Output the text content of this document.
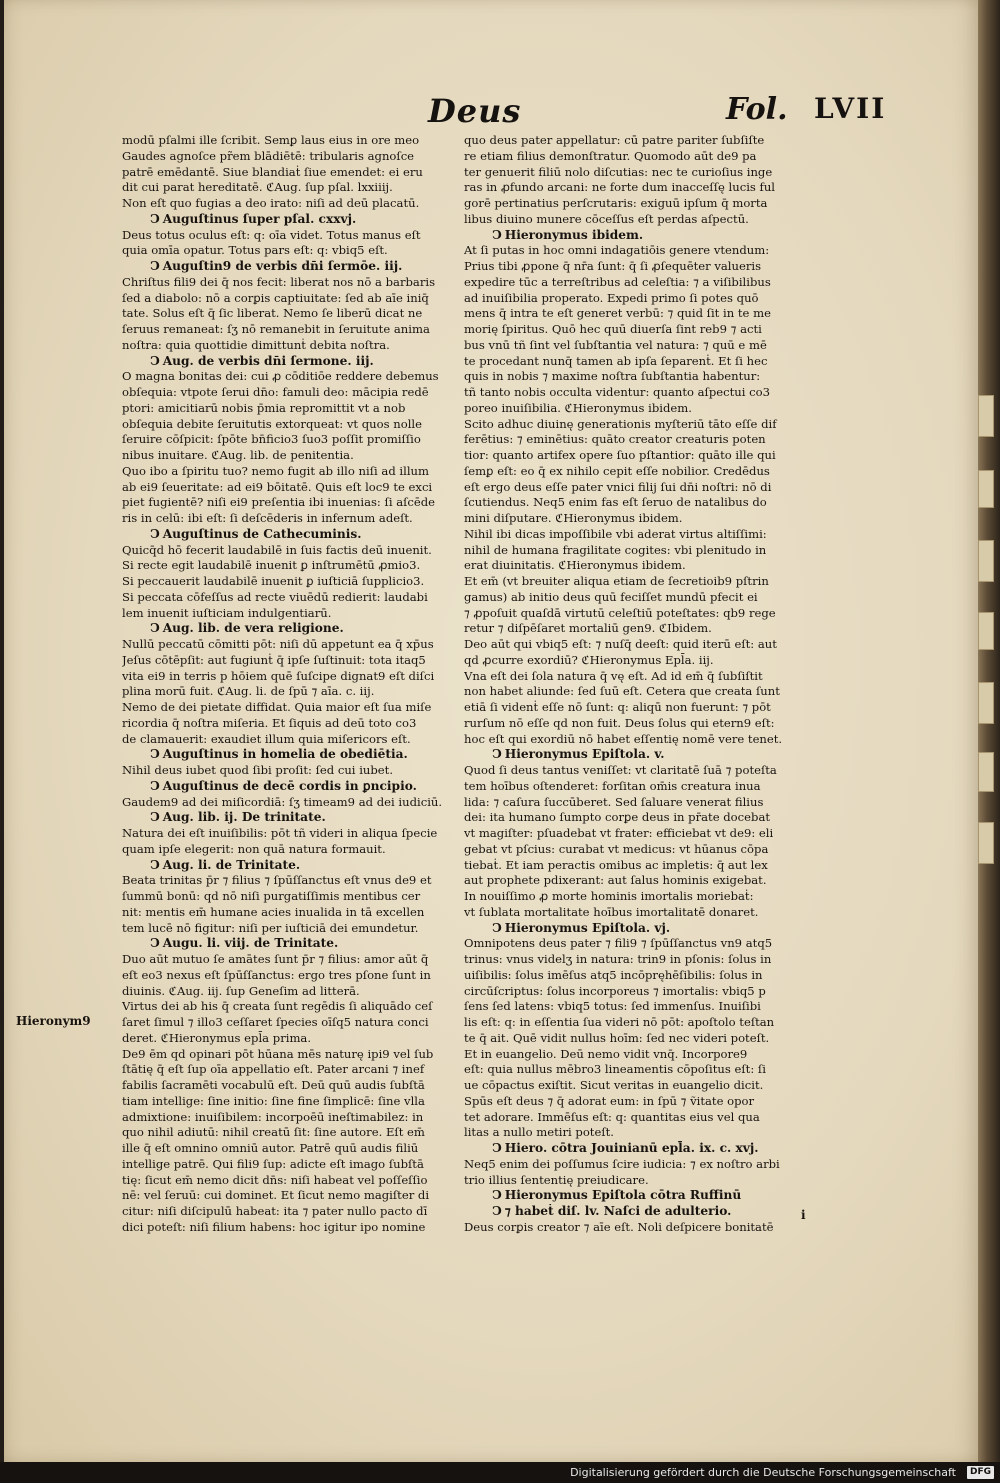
Deus	Fol. LVII

modū pſalmi ille ſcribit. Semꝑ laus eius in ore meo

Gaudes agnoſce pr̃em blādiētē: tribularis agnoſce

patrē emēdantē. Siue blandiaṫ ſiue emendet: ei eru

dit cui parat hereditatē. ℭAug. ſup pſal. lxxiiij.

Non eſt quo fugias a deo irato: niſi ad deū placatū.

C Auguſtinus ſuper pſal. cxxvj.

Deus totus oculus eſt: q: oīa videt. Totus manus eſt

quia omīa opatur. Totus pars eſt: q: vbiq5 eſt.

C Auguſtin9 de verbis dn̄i ſermōe. iij.

Chriſtus fili9 dei q̄ nos fecit: liberat nos nō a barbaris

ſed a diabolo: nō a corꝑis captiuitate: ſed ab aīe iniq̄

tate. Solus eſt q̄ ſic liberat. Nemo ſe liberū dicat ne

ſeruus remaneat: ſʒ nō remanebit in ſeruitute anima

noſtra: quia quottidie dimittunṫ debita noſtra.

C Aug. de verbis dn̄i ſermone. iij.

O magna bonitas dei: cui ꝓ cōditiōe reddere debemus

obſequia: vtpote ſerui dn̄o: famuli deo: mācipia redē

ptori: amicitiarū nobis p̄mia repromittit vt a nob

obſequia debite ſeruitutis extorqueat: vt quos nolle

ſeruire cōſpicit: ſpōte bn̄ficio3 ſuo3 poſſit promiſſio

nibus inuitare. ℭAug. lib. de penitentia.

Quo ibo a ſpiritu tuo? nemo fugit ab illo niſi ad illum

ab ei9 ſeueritate: ad ei9 bōitatē. Quis eſt loc9 te exci

piet fugientē? niſi ei9 preſentia ibi inuenias: ſi aſcēde

ris in celū: ibi eſt: ſi deſcēderis in infernum adeſt.

C Auguſtinus de Cathecuminis.

Quicq̄d hō fecerit laudabilē in ſuis factis deū inuenit.

Si recte egit laudabilē inuenit ꝑ inſtrumētū ꝓmio3.

Si peccauerit laudabilē inuenit ꝑ iuſticiā ſupplicio3.

Si peccata cōfeſſus ad recte viuēdū redierit: laudabi

lem inuenit iuſticiam indulgentiarū.

C Aug. lib. de vera religione.

Nullū peccatū cōmitti pōt: niſi dū appetunt ea q̄ xp̄us

Jeſus cōtēpſit: aut fugiunṫ q̄ ipſe ſuſtinuit: tota itaq5

vita ei9 in terris p hōiem quē ſuſcipe dignat9 eſt diſci

plina morū fuit. ℭAug. li. de ſpū ⁊ aīa. c. iij.

Nemo de dei pietate diffidat. Quia maior eſt ſua miſe

ricordia q̄ noſtra miſeria. Et ſiquis ad deū toto co3

de clamauerit: exaudiet illum quia miſericors eſt.

C Auguſtinus in homelia de obediētia.

Nihil deus iubet quod ſibi proſit: ſed cui iubet.

C Auguſtinus de decē cordis in ꝑncipio.

Gaudem9 ad dei miſicordiā: ſʒ timeam9 ad dei iudiciū.

C Aug. lib. ij. De trinitate.

Natura dei eſt inuiſibilis: pōt tñ videri in aliqua ſpecie

quam ipſe elegerit: non quā natura formauit.

C Aug. li. de Trinitate.

Beata trinitas p̄r ⁊ filius ⁊ ſpūſſanctus eſt vnus de9 et

ſummū bonū: qd nō niſi purgatiſſimis mentibus cer

nit: mentis em̄ humane acies inualida in tā excellen

tem lucē nō figitur: niſi per iuſticiā dei emundetur.

C Augu. li. viij. de Trinitate.

Duo aūt mutuo ſe amātes ſunt p̄r ⁊ filius: amor aūt q̄

eſt eo3 nexus eſt ſpūſſanctus: ergo tres pſone ſunt in

diuinis. ℭAug. iij. ſup Geneſim ad litterā.

Virtus dei ab his q̄ creata ſunt regēdis ſi aliquādo ceſ

ſaret ſimul ⁊ illo3 ceſſaret ſpecies oīſq5 natura conci

deret. ℭHieronymus epl̄a prima.

De9 ēm qd opinari pōt hūana mēs naturę ipi9 vel ſub

ſtātię q̄ eſt ſup oīa appellatio eſt. Pater arcani ⁊ inef

fabilis ſacramēti vocabulū eſt. Deū quū audis ſubſtā

tiam intellige: ſine initio: ſine fine ſimplicē: ſine vlla

admixtione: inuiſibilem: incorpoēū ineſtimabilez: in

quo nihil adiutū: nihil creatū ſit: ſine autore. Eſt em̄

ille q̄ eſt omnino omniū autor. Patrē quū audis filiū

intellige patrē. Qui fili9 ſup: adicte eſt imago ſubſtā

tię: ſicut em̄ nemo dicit dn̄s: niſi habeat vel poſſeſſio

nē: vel ſeruū: cui dominet. Et ſicut nemo magiſter di

citur: niſi diſcipulū habeat: ita ⁊ pater nullo pacto dī

dici poteſt: niſi filium habens: hoc igitur ipo nomine

quo deus pater appellatur: cū patre pariter ſubſiſte

re etiam filius demonſtratur. Quomodo aūt de9 pa

ter genuerit filiū nolo diſcutias: nec te curioſius inge

ras in ꝓfundo arcani: ne forte dum inacceſſę lucis ful

gorē pertinatius perſcrutaris: exiguū ipſum q̄ morta

libus diuino munere cōceſſus eſt perdas aſpectū.

C Hieronymus ibidem.

At ſi putas in hoc omni indagatiōis genere vtendum:

Prius tibi ꝓpone q̄ nr̄a ſunt: q̄ ſi ꝓſequēter valueris

expedire tūc a terreſtribus ad celeſtia: ⁊ a viſibilibus

ad inuiſibilia properato. Expedi primo ſi potes quō

mens q̄ intra te eſt generet verbū: ⁊ quid ſit in te me

morię ſpiritus. Quō hec quū diuerſa ſint reb9 ⁊ acti

bus vnū tñ ſint vel ſubſtantia vel natura: ⁊ quū e mē

te procedant nunq̄ tamen ab ipſa ſeparenṫ. Et ſi hec

quis in nobis ⁊ maxime noſtra ſubſtantia habentur:

tñ tanto nobis occulta videntur: quanto aſpectui co3

poreo inuiſibilia. ℭHieronymus ibidem.

Scito adhuc diuinę generationis myſteriū tāto eſſe dif

ferētius: ⁊ eminētius: quāto creator creaturis poten

tior: quanto artifex opere ſuo pſtantior: quāto ille qui

ſemꝑ eſt: eo q̄ ex nihilo cepit eſſe nobilior. Credēdus

eſt ergo deus eſſe pater vnici filij ſui dn̄i noſtri: nō di

ſcutiendus. Neq5 enim fas eſt ſeruo de natalibus do

mini diſputare. ℭHieronymus ibidem.

Nihil ibi dicas impoſſibile vbi aderat virtus altiſſimi:

nihil de humana fragilitate cogites: vbi plenitudo in

erat diuinitatis. ℭHieronymus ibidem.

Et em̄ (vt breuiter aliqua etiam de ſecretioib9 pſtrin

gamus) ab initio deus quū feciſſet mundū pfecit ei

⁊ ꝓpoſuit quaſdā virtutū celeſtiū poteſtates: qb9 rege

retur ⁊ diſpēſaret mortaliū gen9. ℭIbidem.

Deo aūt qui vbiq5 eſt: ⁊ nuſq̄ deeſt: quid iterū eſt: aut

qd ꝓcurre exordiū? ℭHieronymus Epl̄a. iij.

Vna eſt dei ſola natura q̄ vę eſt. Ad id em̄ q̄ ſubſiſtit

non habet aliunde: ſed ſuū eſt. Cetera que creata ſunt

etiā ſi videnṫ eſſe nō ſunt: q: aliqū non fuerunt: ⁊ pōt

rurſum nō eſſe qd non fuit. Deus ſolus qui etern9 eſt:

hoc eſt qui exordiū nō habet eſſentię nomē vere tenet.

C Hieronymus Epiſtola. v.

Quod ſi deus tantus veniſſet: vt claritatē ſuā ⁊ poteſta

tem hoībus oſtenderet: forſitan om̄is creatura inua

lida: ⁊ caſura ſuccūberet. Sed ſaluare venerat filius

dei: ita humano ſumpto corꝑe deus in pr̄ate docebat

vt magiſter: pſuadebat vt frater: efficiebat vt de9: eli

gebat vt pſcius: curabat vt medicus: vt hūanus cōpa

tiebaṫ. Et iam peractis omibus ac impletis: q̄ aut lex

aut prophete pdixerant: aut ſalus hominis exigebat.

In nouiſſimo ꝓ morte hominis imortalis moriebaṫ:

vt ſublata mortalitate hoībus imortalitatē donaret.

C Hieronymus Epiſtola. vj.

Omnipotens deus pater ⁊ fili9 ⁊ ſpūſſanctus vn9 atq5

trinus: vnus videlʒ in natura: trin9 in pſonis: ſolus in

uiſibilis: ſolus imēſus atq5 incōpręhēſibilis: ſolus in

circūſcriptus: ſolus incorporeus ⁊ imortalis: vbiq5 p

ſens ſed latens: vbiq5 totus: ſed immenſus. Inuiſibi

lis eſt: q: in eſſentia ſua videri nō pōt: apoſtolo teſtan

te q̄ ait. Quē vidit nullus hoīm: ſed nec videri poteſt.

Et in euangelio. Deū nemo vidit vnq̄. Incorpore9

eſt: quia nullus mēbro3 lineamentis cōpoſitus eſt: ſi

ue cōpactus exiſtit. Sicut veritas in euangelio dicit.

Spūs eſt deus ⁊ q̄ adorat eum: in ſpū ⁊ ṽitate opor

tet adorare. Immēſus eſt: q: quantitas eius vel qua

litas a nullo metiri poteſt.

C Hiero. cōtra Jouinianū epl̄a. ix. c. xvj.

Neq5 enim dei poſſumus ſcire iudicia: ⁊ ex noſtro arbi

trio illius ſententię preiudicare.

C Hieronymus Epiſtola cōtra Ruffinū

C ⁊ habeṫ diſ. lv. Naſci de adulterio.

Deus corꝑis creator ⁊ aīe eſt. Noli deſpicere bonitatē

Hieronym9
i
Digitalisierung gefördert durch die Deutsche Forschungsgemeinschaft	DFG
